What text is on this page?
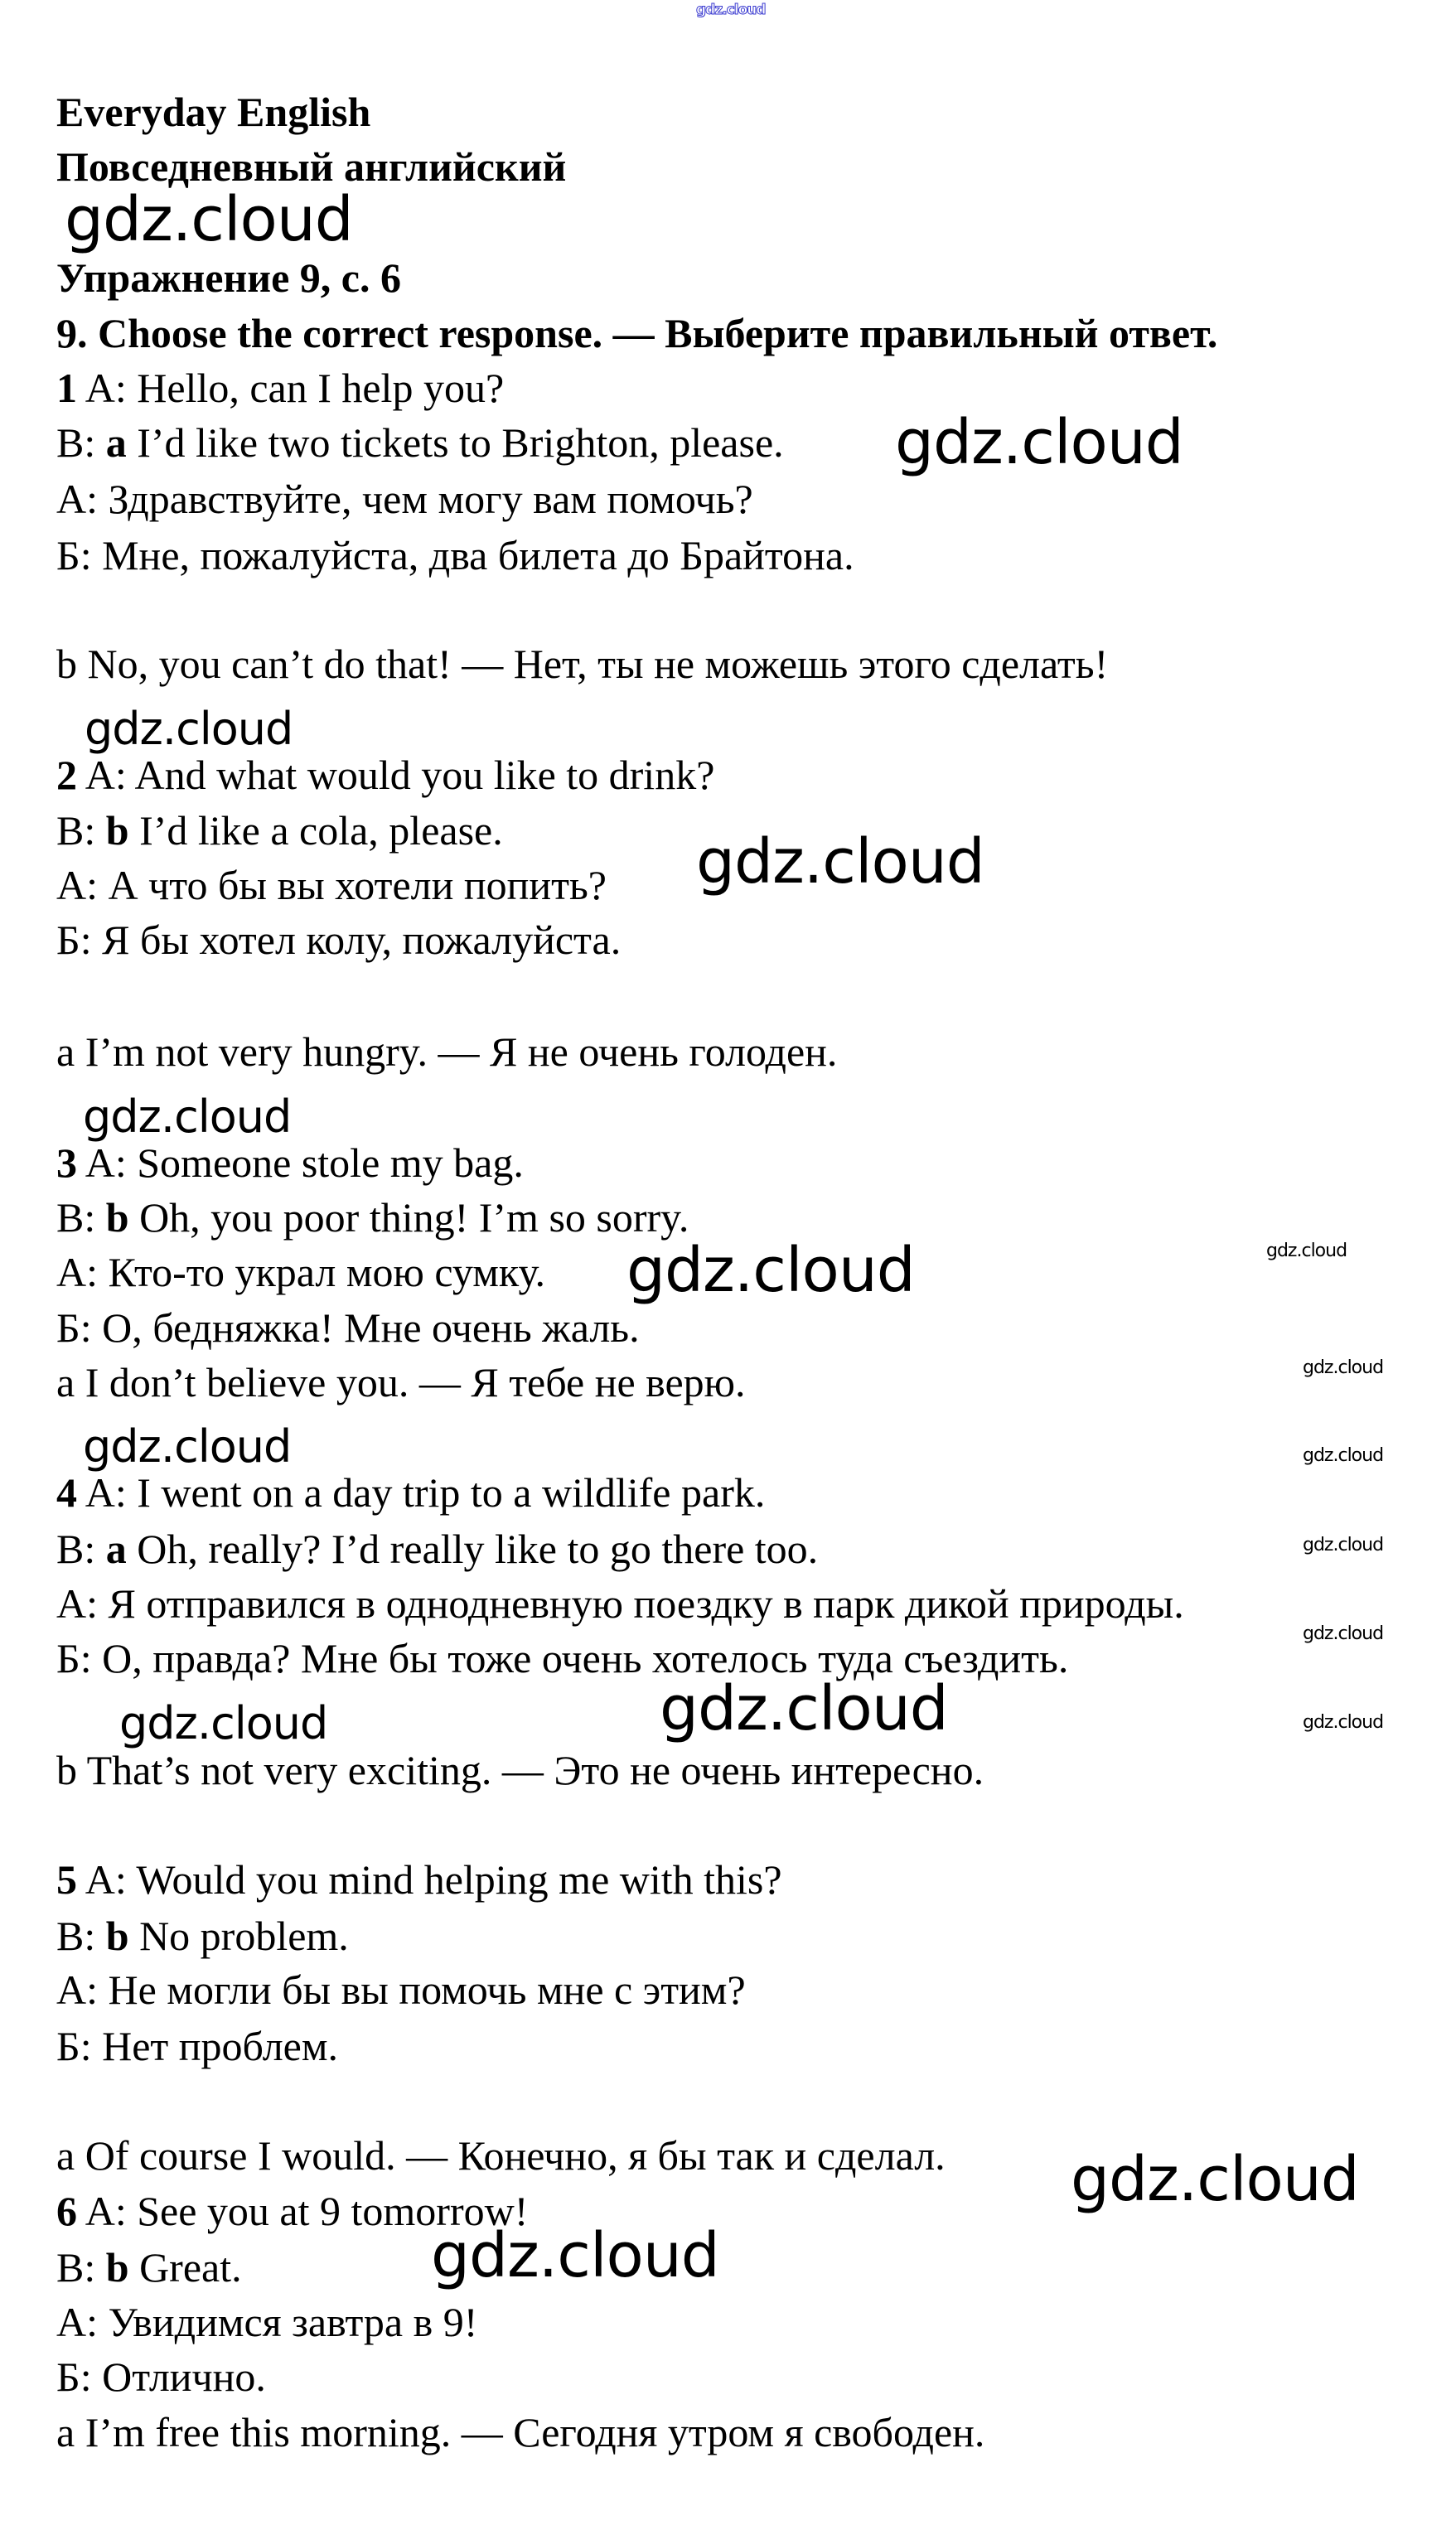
gdz.cloud
Everyday English
Повседневный английский
gdz.cloud
Упражнение 9, с. 6
9. Choose the correct response. — Выберите правильный ответ.
1 A: Hello, can I help you?
B: a I’d like two tickets to Brighton, please. gdz.cloud
А: Здравствуйте, чем могу вам помочь?
Б: Мне, пожалуйста, два билета до Брайтона.
b No, you can’t do that! — Нет, ты не можешь этого сделать!
gdz.cloud
2 A: And what would you like to drink?
B: b I’d like a cola, please.
А: А что бы вы хотели попить? gdz.cloud
Б: Я бы хотел колу, пожалуйста.
a I’m not very hungry. — Я не очень голоден.
gdz.cloud
3 A: Someone stole my bag.
B: b Oh, you poor thing! I’m so sorry.
gdz.cloud
А: Кто-то украл мою сумку. gdz.cloud
Б: О, бедняжка! Мне очень жаль.
gdz.cloud
a I don’t believe you. — Я тебе не верю.
gdz.cloud	gdz.cloud
4 A: I went on a day trip to a wildlife park.
B: a Oh, really? I’d really like to go there too.	gdz.cloud
А: Я отправился в однодневную поездку в парк дикой природы.
gdz.cloud
Б: О, правда? Мне бы тоже очень хотелось туда съездить.
gdz.cloud	gdz.cloud	gdz.cloud
b That’s not very exciting. — Это не очень интересно.
5 A: Would you mind helping me with this?
B: b No problem.
А: Не могли бы вы помочь мне с этим?
Б: Нет проблем.
a Of course I would. — Конечно, я бы так и сделал. gdz.cloud
6 A: See you at 9 tomorrow!
B: b Great.	gdz.cloud
А: Увидимся завтра в 9!
Б: Отлично.
a I’m free this morning. — Сегодня утром я свободен.
